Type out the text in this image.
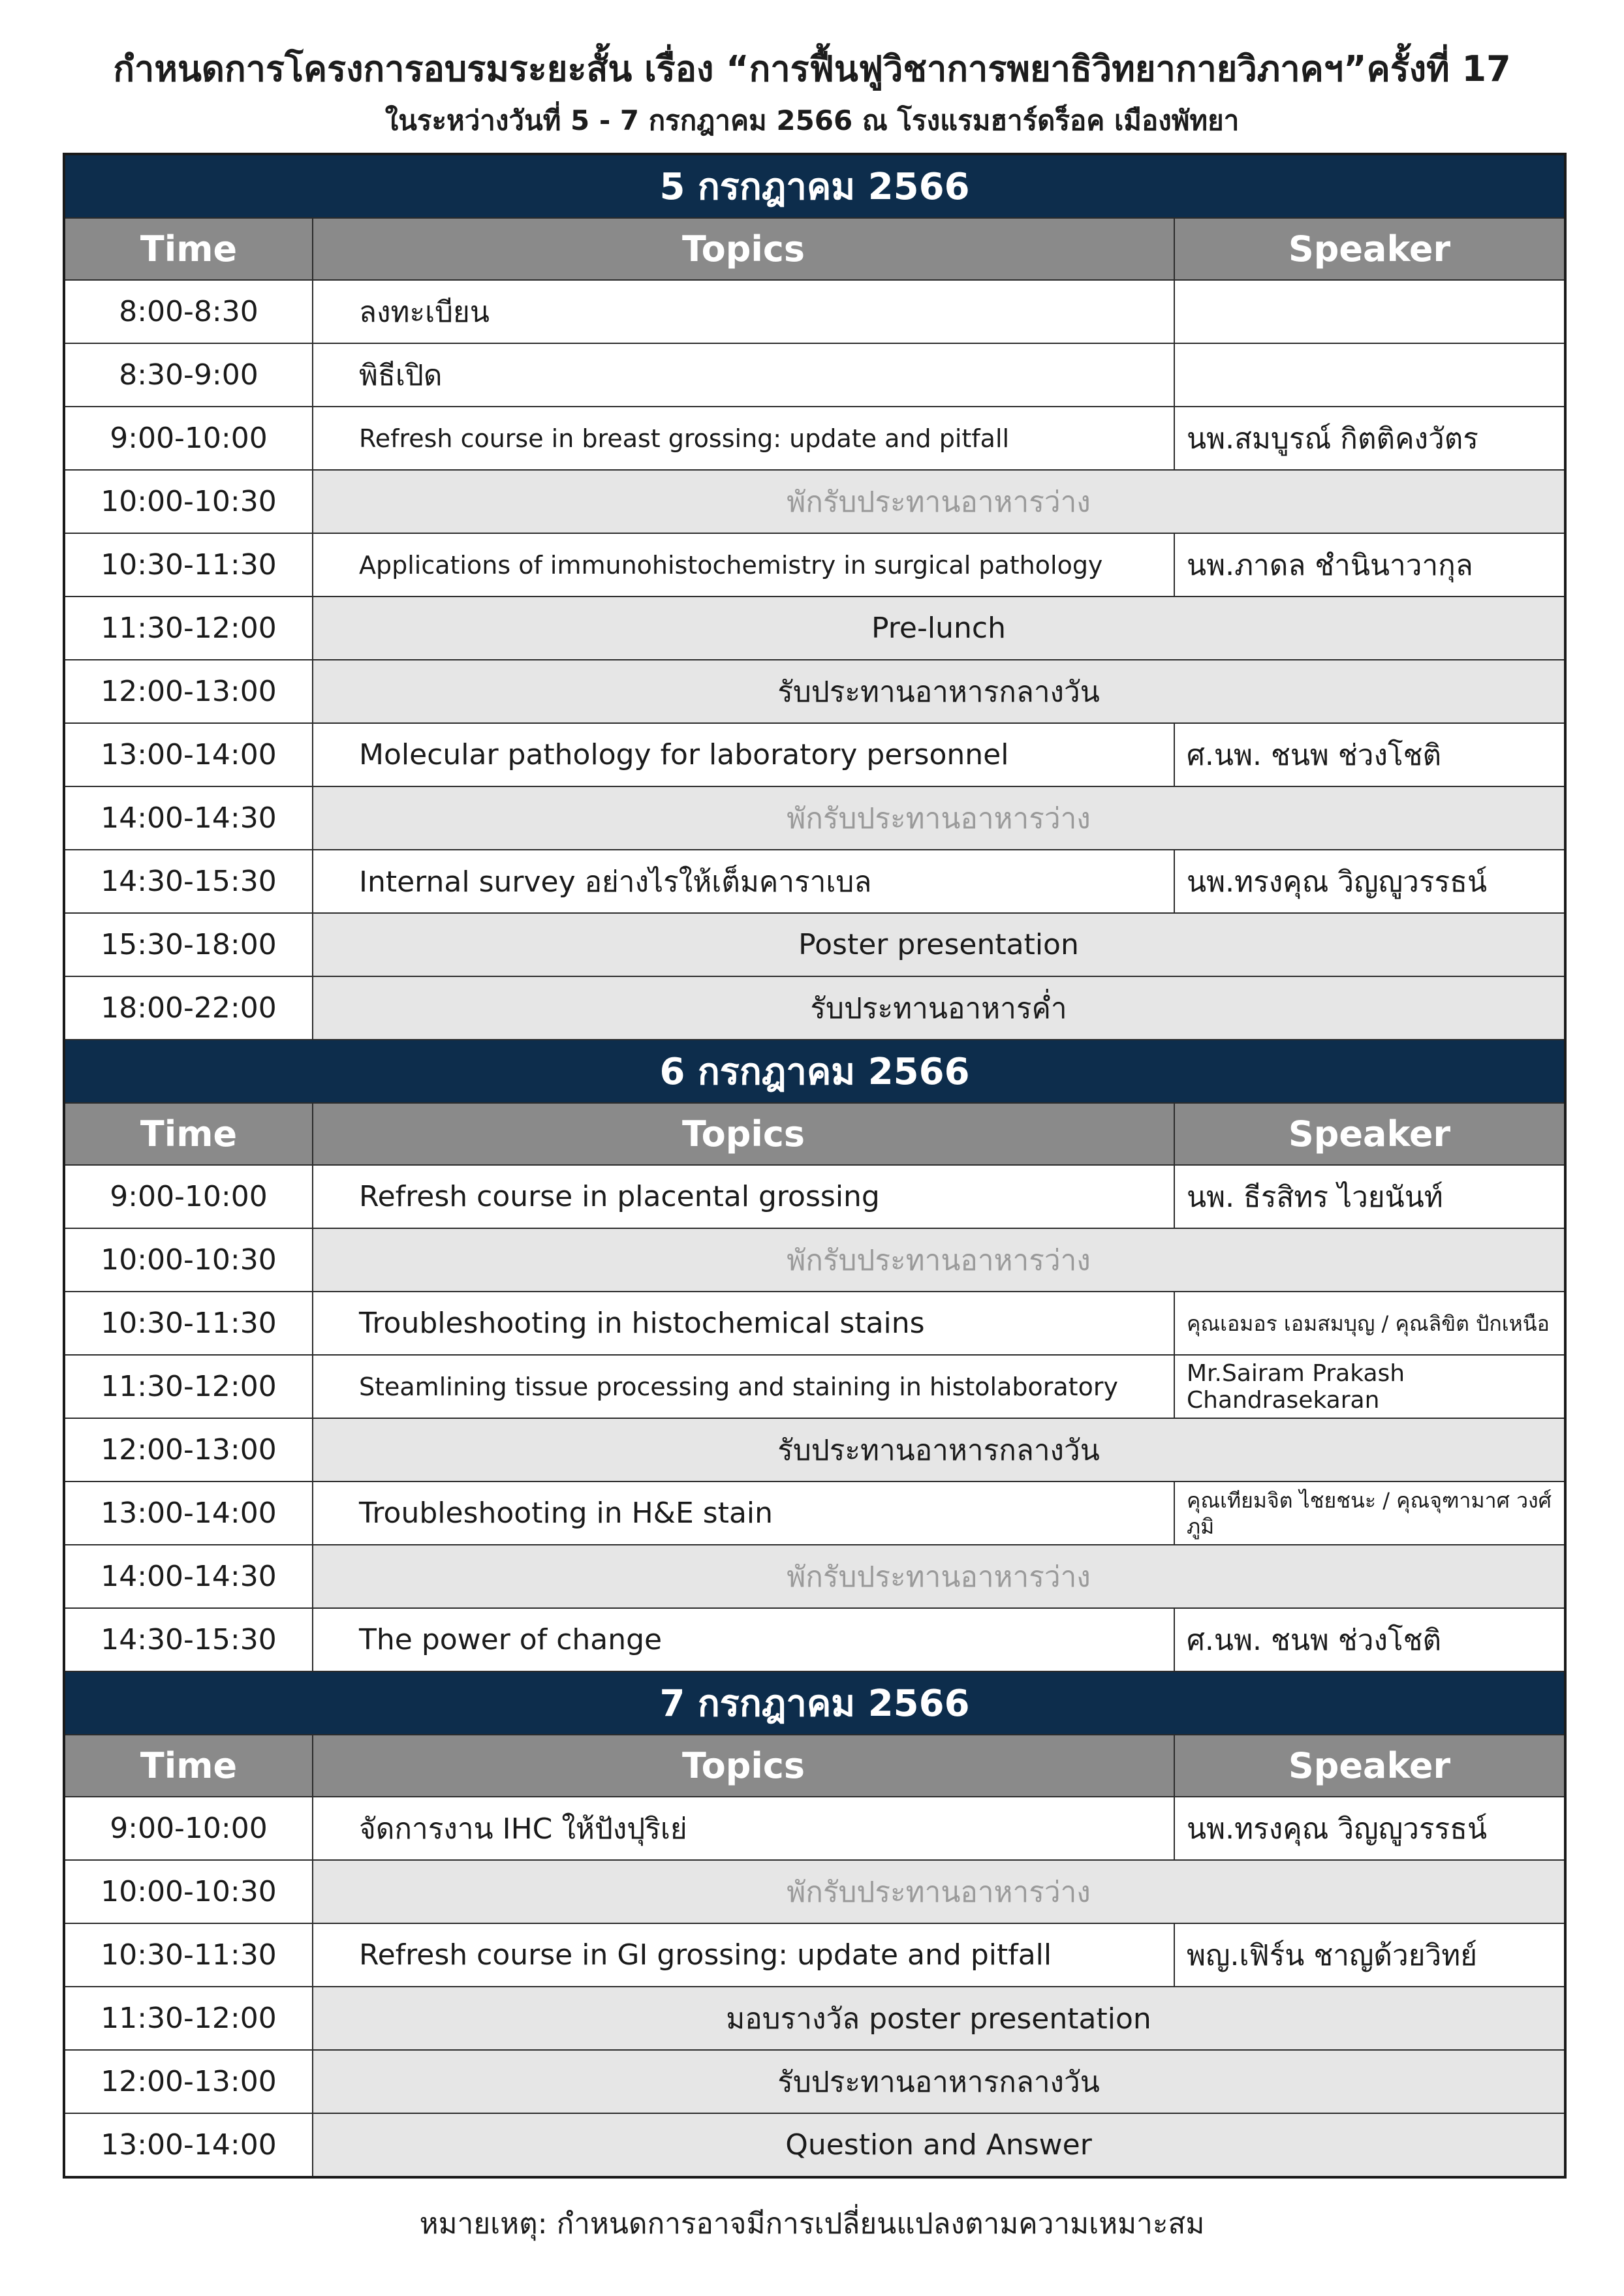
กำหนดการโครงการอบรมระยะสั้น เรื่อง “การฟื้นฟูวิชาการพยาธิวิทยากายวิภาคฯ”ครั้งที่ 17
ในระหว่างวันที่ 5 - 7 กรกฎาคม 2566 ณ โรงแรมฮาร์ดร็อค เมืองพัทยา
5 กรกฎาคม 2566		
Time	Topics	Speaker
8:00-8:30	ลงทะเบียน	
8:30-9:00	พิธีเปิด	
9:00-10:00	Refresh course in breast grossing: update and pitfall	นพ.สมบูรณ์ กิตติคงวัตร
10:00-10:30	พักรับประทานอาหารว่าง	
10:30-11:30	Applications of immunohistochemistry in surgical pathology	นพ.ภาดล ชำนินาวากุล
11:30-12:00	Pre-lunch	
12:00-13:00	รับประทานอาหารกลางวัน	
13:00-14:00	Molecular pathology for laboratory personnel	ศ.นพ. ชนพ ช่วงโชติ
14:00-14:30	พักรับประทานอาหารว่าง	
14:30-15:30	Internal survey อย่างไรให้เต็มคาราเบล	นพ.ทรงคุณ วิญญูวรรธน์
15:30-18:00	Poster presentation	
18:00-22:00	รับประทานอาหารค่ำ	
6 กรกฎาคม 2566		
Time	Topics	Speaker
9:00-10:00	Refresh course in placental grossing	นพ. ธีรสิทร ไวยนันท์
10:00-10:30	พักรับประทานอาหารว่าง	
10:30-11:30	Troubleshooting in histochemical stains	คุณเอมอร เอมสมบุญ / คุณลิขิต ปักเหนือ
11:30-12:00	Steamlining tissue processing and staining in histolaboratory	Mr.Sairam Prakash Chandrasekaran
12:00-13:00	รับประทานอาหารกลางวัน	
13:00-14:00	Troubleshooting in H&E stain	คุณเทียมจิต ไชยชนะ / คุณจุฑามาศ วงศ์ภูมิ
14:00-14:30	พักรับประทานอาหารว่าง	
14:30-15:30	The power of change	ศ.นพ. ชนพ ช่วงโชติ
7 กรกฎาคม 2566		
Time	Topics	Speaker
9:00-10:00	จัดการงาน IHC ให้ปังปุริเย่	นพ.ทรงคุณ วิญญูวรรธน์
10:00-10:30	พักรับประทานอาหารว่าง	
10:30-11:30	Refresh course in GI grossing: update and pitfall	พญ.เฟิร์น ชาญด้วยวิทย์
11:30-12:00	มอบรางวัล poster presentation	
12:00-13:00	รับประทานอาหารกลางวัน	
13:00-14:00	Question and Answer	
หมายเหตุ: กำหนดการอาจมีการเปลี่ยนแปลงตามความเหมาะสม
